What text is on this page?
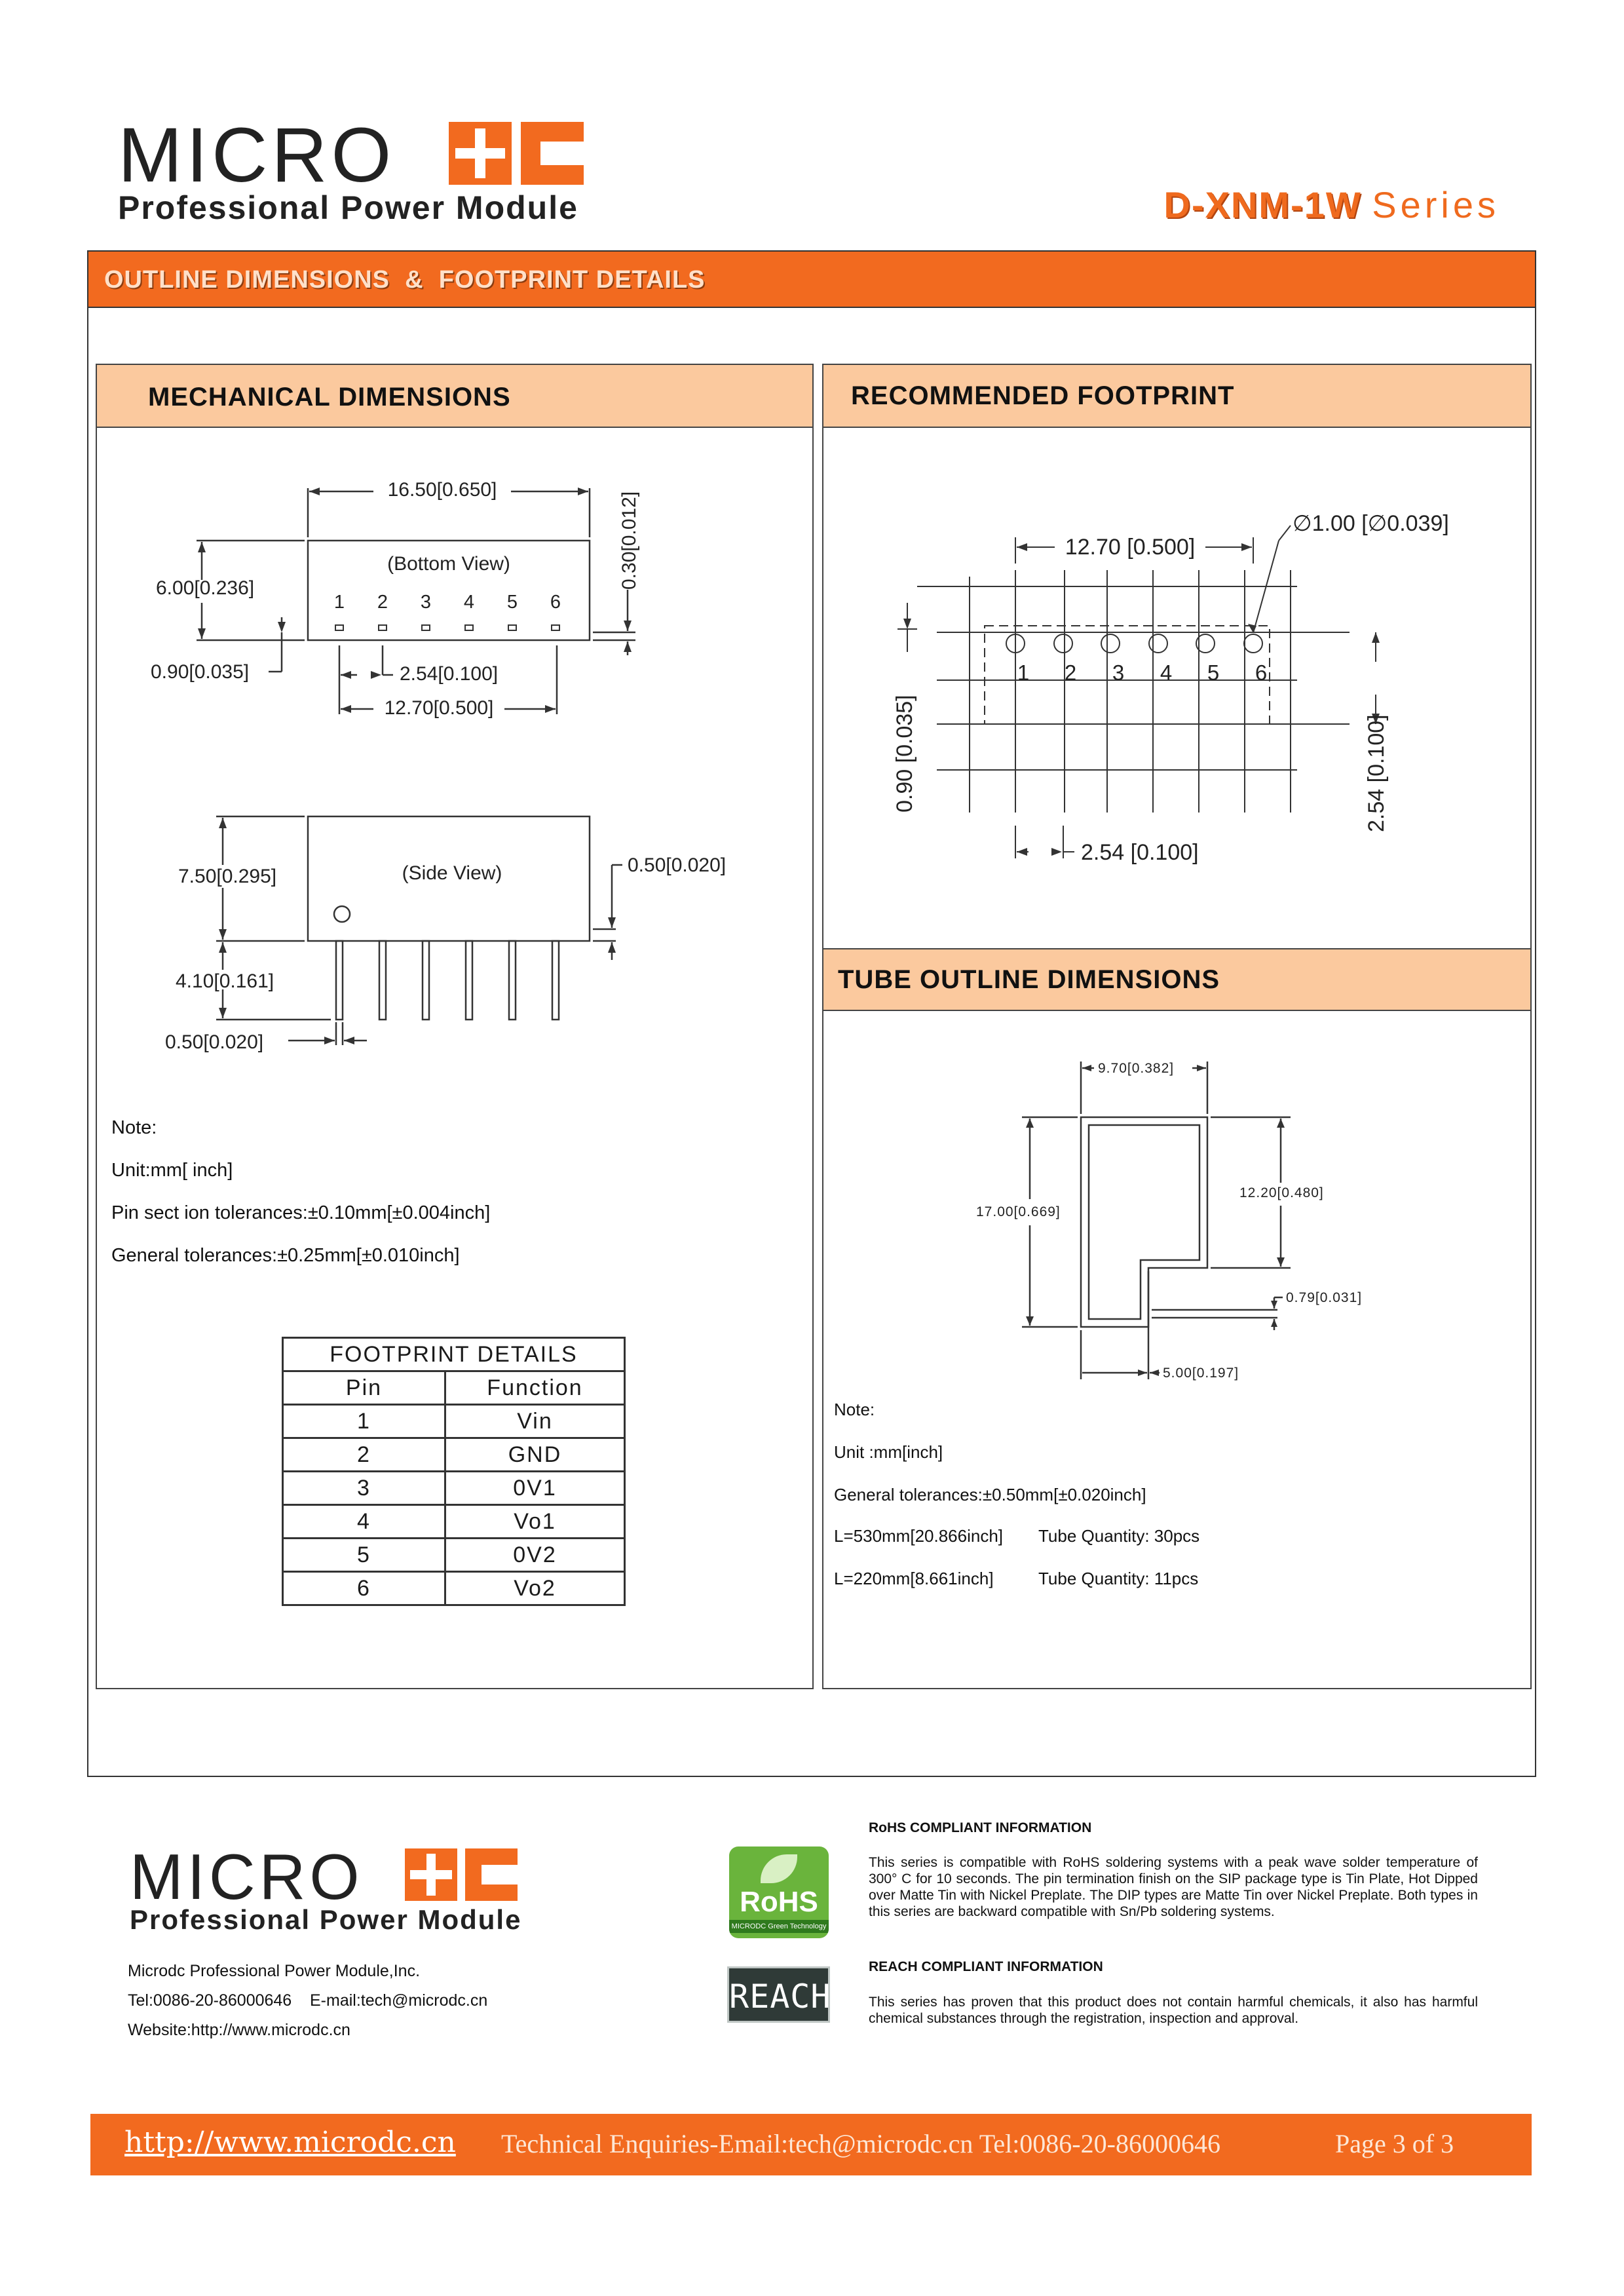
MICRO
Professional Power Module	D-XNM-1W Series
OUTLINE DIMENSIONS  &  FOOTPRINT DETAILS
MECHANICAL DIMENSIONS
1 2 3 4 5 6
16.50[0.650]
(Bottom View)
6.00[0.236]
0.90[0.035]	2.54[0.100]
12.70[0.500]
0.30[0.012]
(Side View)
7.50[0.295]
4.10[0.161]
0.50[0.020]
0.50[0.020]
Note:
Unit:mm[ inch]
Pin sect ion tolerances:±0.10mm[±0.004inch]
General tolerances:±0.25mm[±0.010inch]
FOOTPRINT DETAILS	
Pin	Function
1	Vin
2	GND
3	0V1
4	Vo1
5	0V2
6	Vo2
RECOMMENDED FOOTPRINT
TUBE OUTLINE DIMENSIONS
1 2 3 4 5 6
∅1.00 [∅0.039]
12.70 [0.500]
2.54 [0.100]
0.90 [0.035]	2.54 [0.100]
9.70[0.382]
17.00[0.669]
12.20[0.480]
0.79[0.031]
5.00[0.197]
Note:
Unit :mm[inch]
General tolerances:±0.50mm[±0.020inch]
L=530mm[20.866inch] Tube Quantity: 30pcs
L=220mm[8.661inch]	Tube Quantity: 11pcs
MICRO
Professional Power Module
Microdc Professional Power Module,Inc.
Tel:0086-20-86000646    E-mail:tech@microdc.cn
Website:http://www.microdc.cn
RoHS
MICRODC Green Technology
REACH
RoHS COMPLIANT INFORMATION
This series is compatible with RoHS soldering systems with a peak wave solder temperature of 300° C for 10 seconds. The pin termination finish on the SIP package type is Tin Plate, Hot Dipped over Matte Tin with Nickel Preplate. The DIP types are Matte Tin over Nickel Preplate. Both types in this series are backward compatible with Sn/Pb soldering systems.
REACH COMPLIANT INFORMATION
This series has proven that this product does not contain harmful chemicals, it also has harmful chemical substances through the registration, inspection and approval.
http://www.microdc.cn Technical Enquiries-Email:tech@microdc.cn Tel:0086-20-86000646	Page 3 of 3
